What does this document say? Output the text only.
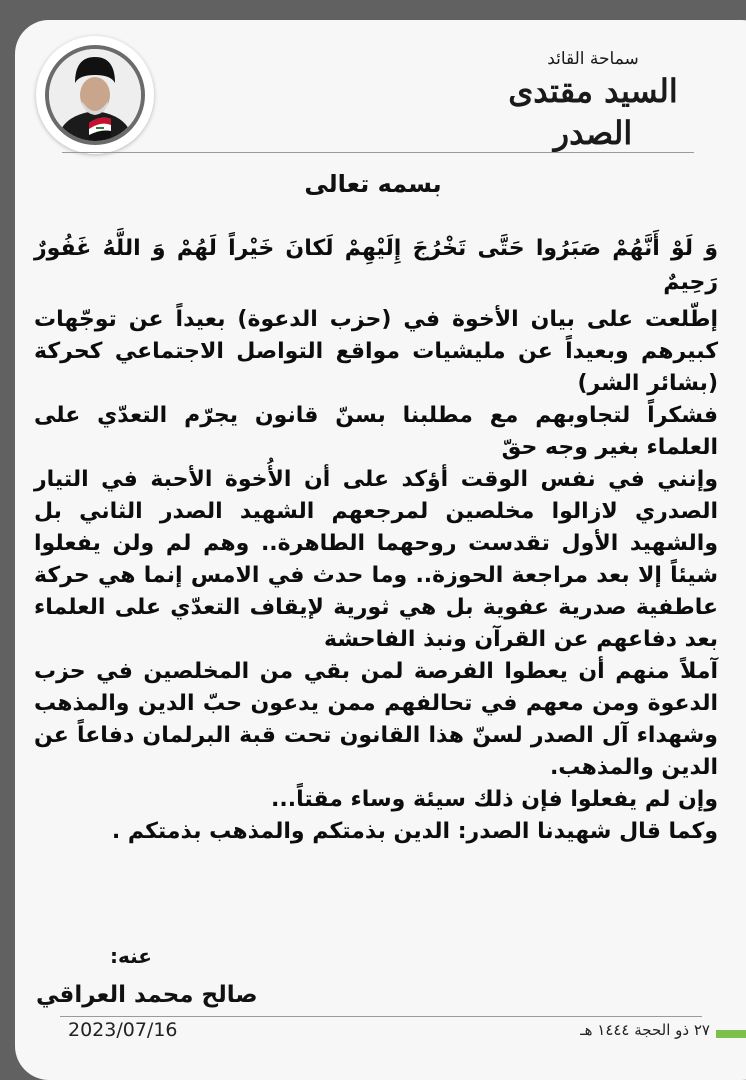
سماحة القائد
السيد مقتدى الصدر
بسمه تعالى

وَ لَوْ أَنَّهُمْ صَبَرُوا حَتَّى تَخْرُجَ إِلَيْهِمْ لَكانَ خَيْراً لَهُمْ وَ اللَّهُ غَفُورٌ رَحِيمٌ

إطّلعت على بيان الأخوة في (حزب الدعوة) بعيداً عن توجّهات كبيرهم وبعيداً عن مليشيات مواقع التواصل الاجتماعي كحركة (بشائر الشر)

فشكراً لتجاوبهم مع مطلبنا بسنّ قانون يجرّم التعدّي على العلماء بغير وجه حقّ

وإنني في نفس الوقت أؤكد على أن الأُخوة الأحبة في التيار الصدري لازالوا مخلصين لمرجعهم الشهيد الصدر الثاني بل والشهيد الأول تقدست روحهما الطاهرة.. وهم لم ولن يفعلوا شيئاً إلا بعد مراجعة الحوزة.. وما حدث في الامس إنما هي حركة عاطفية صدرية عفوية بل هي ثورية لإيقاف التعدّي على العلماء بعد دفاعهم عن القرآن ونبذ الفاحشة

آملاً منهم أن يعطوا الفرصة لمن بقي من المخلصين في حزب الدعوة ومن معهم في تحالفهم ممن يدعون حبّ الدين والمذهب وشهداء آل الصدر لسنّ هذا القانون تحت قبة البرلمان دفاعاً عن الدين والمذهب.

وإن لم يفعلوا فإن ذلك سيئة وساء مقتاً...

وكما قال شهيدنا الصدر: الدين بذمتكم والمذهب بذمتكم .

عنه:
صالح محمد العراقي
2023/07/16	٢٧ ذو الحجة ١٤٤٤ هـ
